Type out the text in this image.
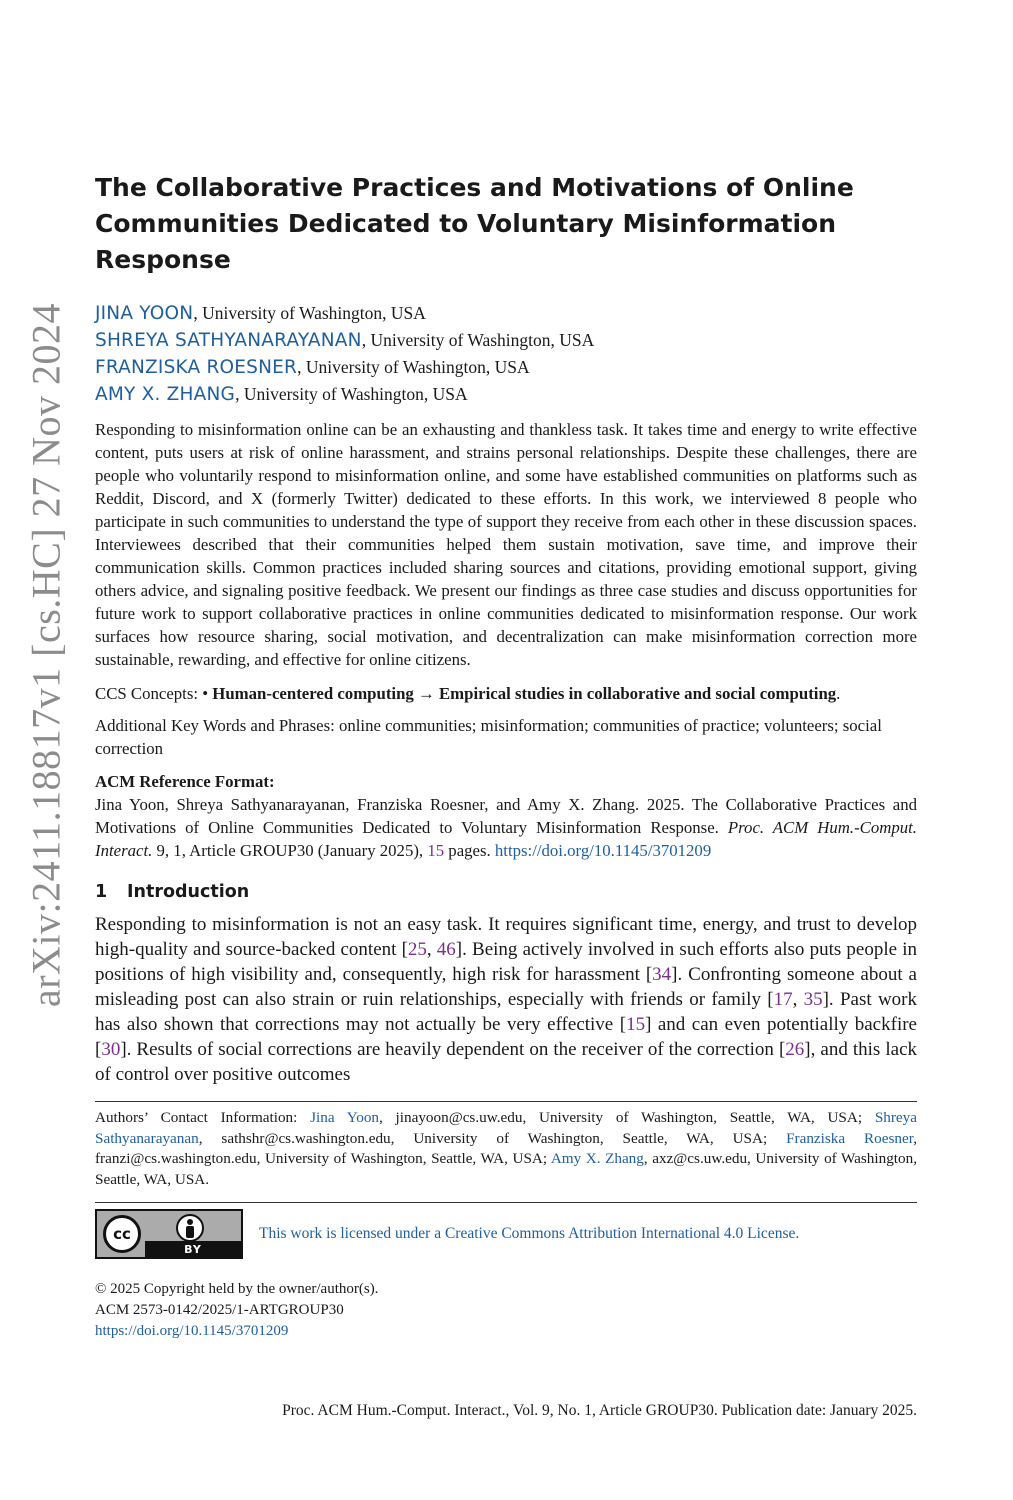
arXiv:2411.18817v1 [cs.HC] 27 Nov 2024
The Collaborative Practices and Motivations of Online Communities Dedicated to Voluntary Misinformation Response
JINA YOON, University of Washington, USA
SHREYA SATHYANARAYANAN, University of Washington, USA
FRANZISKA ROESNER, University of Washington, USA
AMY X. ZHANG, University of Washington, USA
Responding to misinformation online can be an exhausting and thankless task. It takes time and energy to write effective content, puts users at risk of online harassment, and strains personal relationships. Despite these challenges, there are people who voluntarily respond to misinformation online, and some have established communities on platforms such as Reddit, Discord, and X (formerly Twitter) dedicated to these efforts. In this work, we interviewed 8 people who participate in such communities to understand the type of support they receive from each other in these discussion spaces. Interviewees described that their communities helped them sustain motivation, save time, and improve their communication skills. Common practices included sharing sources and citations, providing emotional support, giving others advice, and signaling positive feedback. We present our findings as three case studies and discuss opportunities for future work to support collaborative practices in online communities dedicated to misinformation response. Our work surfaces how resource sharing, social motivation, and decentralization can make misinformation correction more sustainable, rewarding, and effective for online citizens.
CCS Concepts: • Human-centered computing → Empirical studies in collaborative and social computing.
Additional Key Words and Phrases: online communities; misinformation; communities of practice; volunteers; social correction
ACM Reference Format:
Jina Yoon, Shreya Sathyanarayanan, Franziska Roesner, and Amy X. Zhang. 2025. The Collaborative Practices and Motivations of Online Communities Dedicated to Voluntary Misinformation Response. Proc. ACM Hum.-Comput. Interact. 9, 1, Article GROUP30 (January 2025), 15 pages. https://doi.org/10.1145/3701209
1 Introduction
Responding to misinformation is not an easy task. It requires significant time, energy, and trust to develop high-quality and source-backed content [25, 46]. Being actively involved in such efforts also puts people in positions of high visibility and, consequently, high risk for harassment [34]. Confronting someone about a misleading post can also strain or ruin relationships, especially with friends or family [17, 35]. Past work has also shown that corrections may not actually be very effective [15] and can even potentially backfire [30]. Results of social corrections are heavily dependent on the receiver of the correction [26], and this lack of control over positive outcomes
Authors’ Contact Information: Jina Yoon, jinayoon@cs.uw.edu, University of Washington, Seattle, WA, USA; Shreya Sathyanarayanan, sathshr@cs.washington.edu, University of Washington, Seattle, WA, USA; Franziska Roesner, franzi@cs.washington.edu, University of Washington, Seattle, WA, USA; Amy X. Zhang, axz@cs.uw.edu, University of Washington, Seattle, WA, USA.
cc
BY
This work is licensed under a Creative Commons Attribution International 4.0 License.
© 2025 Copyright held by the owner/author(s).
ACM 2573-0142/2025/1-ARTGROUP30
https://doi.org/10.1145/3701209
Proc. ACM Hum.-Comput. Interact., Vol. 9, No. 1, Article GROUP30. Publication date: January 2025.
